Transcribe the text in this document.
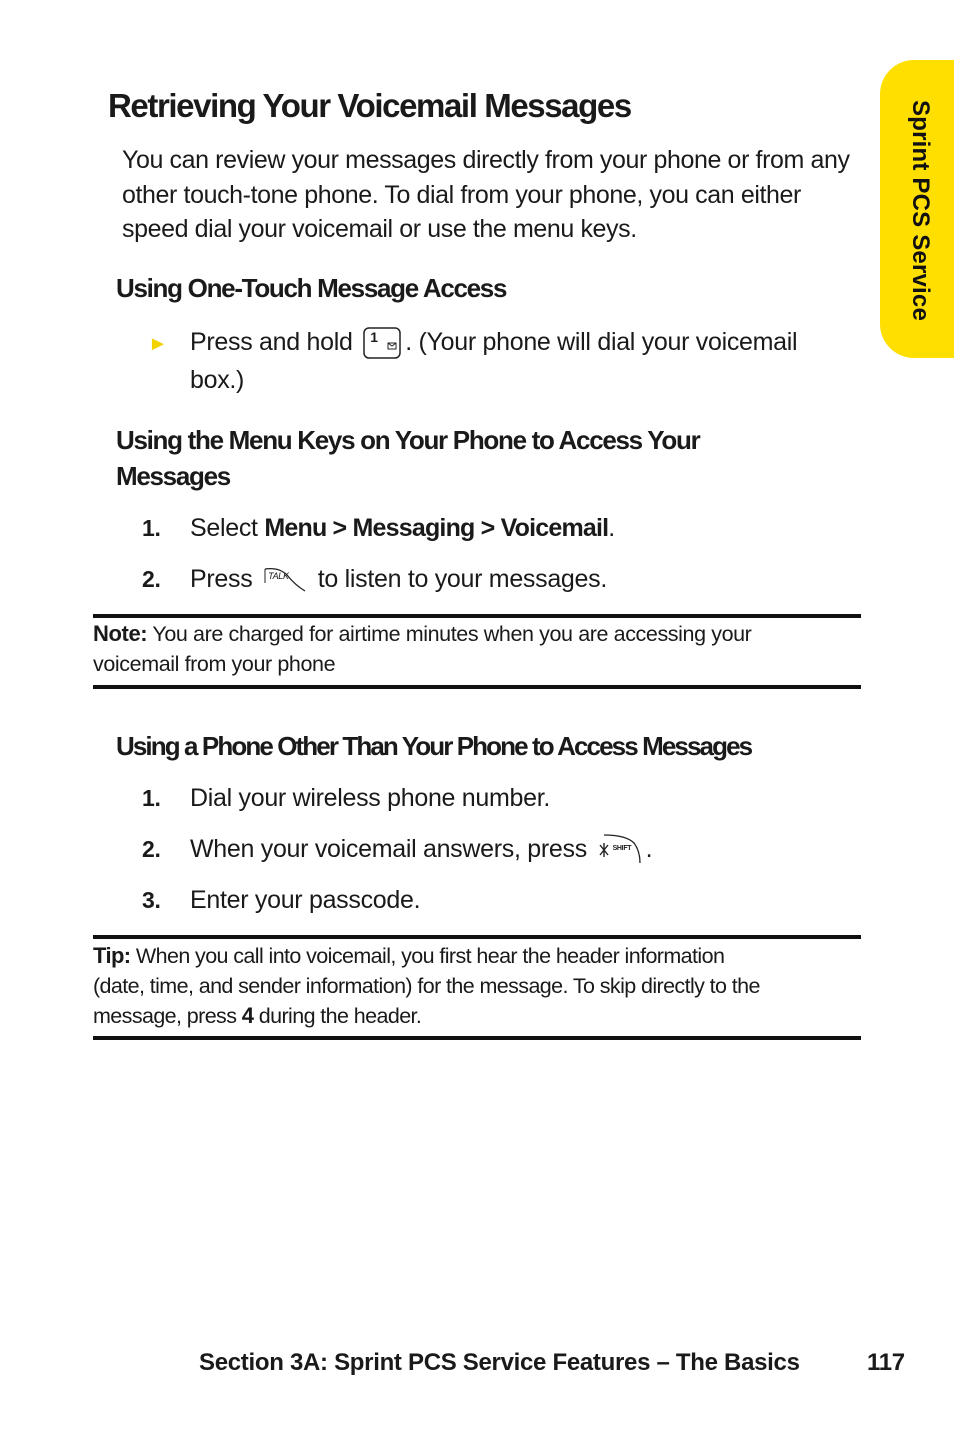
Sprint PCS Service
Retrieving Your Voicemail Messages

You can review your messages directly from your phone or from any other touch-tone phone. To dial from your phone, you can either speed dial your voicemail or use the menu keys.

Using One-Touch Message Access
► Press and hold 1 . (Your phone will dial your voicemail
box.)
Using the Menu Keys on Your Phone to Access Your
Messages
1. Select Menu > Messaging > Voicemail.
2. Press TALK to listen to your messages.
Note: You are charged for airtime minutes when you are accessing your
voicemail from your phone
Using a Phone Other Than Your Phone to Access Messages
1. Dial your wireless phone number.
2. When your voicemail answers, press	SHIFT .
3. Enter your passcode.
Tip: When you call into voicemail, you first hear the header information
(date, time, and sender information) for the message. To skip directly to the
message, press 4 during the header.
Section 3A: Sprint PCS Service Features – The Basics	117
